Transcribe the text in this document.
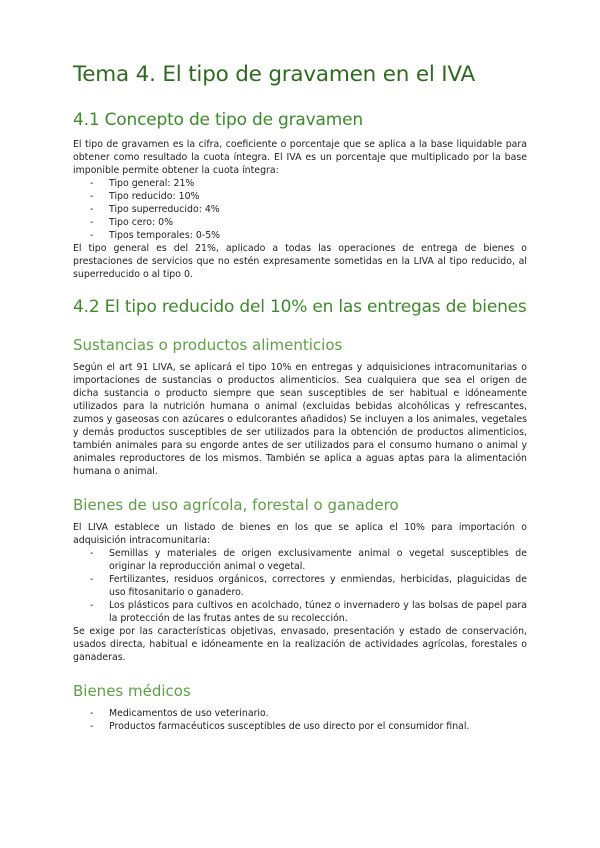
Tema 4. El tipo de gravamen en el IVA
4.1 Concepto de tipo de gravamen

El tipo de gravamen es la cifra, coeficiente o porcentaje que se aplica a la base liquidable para obtener como resultado la cuota íntegra. El IVA es un porcentaje que multiplicado por la base imponible permite obtener la cuota íntegra:

- Tipo general: 21%
- Tipo reducido: 10%
- Tipo superreducido: 4%
- Tipo cero: 0%
- Tipos temporales: 0-5%

El tipo general es del 21%, aplicado a todas las operaciones de entrega de bienes o prestaciones de servicios que no estén expresamente sometidas en la LIVA al tipo reducido, al superreducido o al tipo 0.

4.2 El tipo reducido del 10% en las entregas de bienes
Sustancias o productos alimenticios

Según el art 91 LIVA, se aplicará el tipo 10% en entregas y adquisiciones intracomunitarias o importaciones de sustancias o productos alimenticios. Sea cualquiera que sea el origen de dicha sustancia o producto siempre que sean susceptibles de ser habitual e idóneamente utilizados para la nutrición humana o animal (excluidas bebidas alcohólicas y refrescantes, zumos y gaseosas con azúcares o edulcorantes añadidos) Se incluyen a los animales, vegetales y demás productos susceptibles de ser utilizados para la obtención de productos alimenticios, también animales para su engorde antes de ser utilizados para el consumo humano o animal y animales reproductores de los mismos. También se aplica a aguas aptas para la alimentación humana o animal.

Bienes de uso agrícola, forestal o ganadero

El LIVA establece un listado de bienes en los que se aplica el 10% para importación o adquisición intracomunitaria:

- Semillas y materiales de origen exclusivamente animal o vegetal susceptibles de originar la reproducción animal o vegetal.
- Fertilizantes, residuos orgánicos, correctores y enmiendas, herbicidas, plaguicidas de uso fitosanitario o ganadero.
- Los plásticos para cultivos en acolchado, túnez o invernadero y las bolsas de papel para la protección de las frutas antes de su recolección.

Se exige por las características objetivas, envasado, presentación y estado de conservación, usados directa, habitual e idóneamente en la realización de actividades agrícolas, forestales o ganaderas.

Bienes médicos
- Medicamentos de uso veterinario.
- Productos farmacéuticos susceptibles de uso directo por el consumidor final.
